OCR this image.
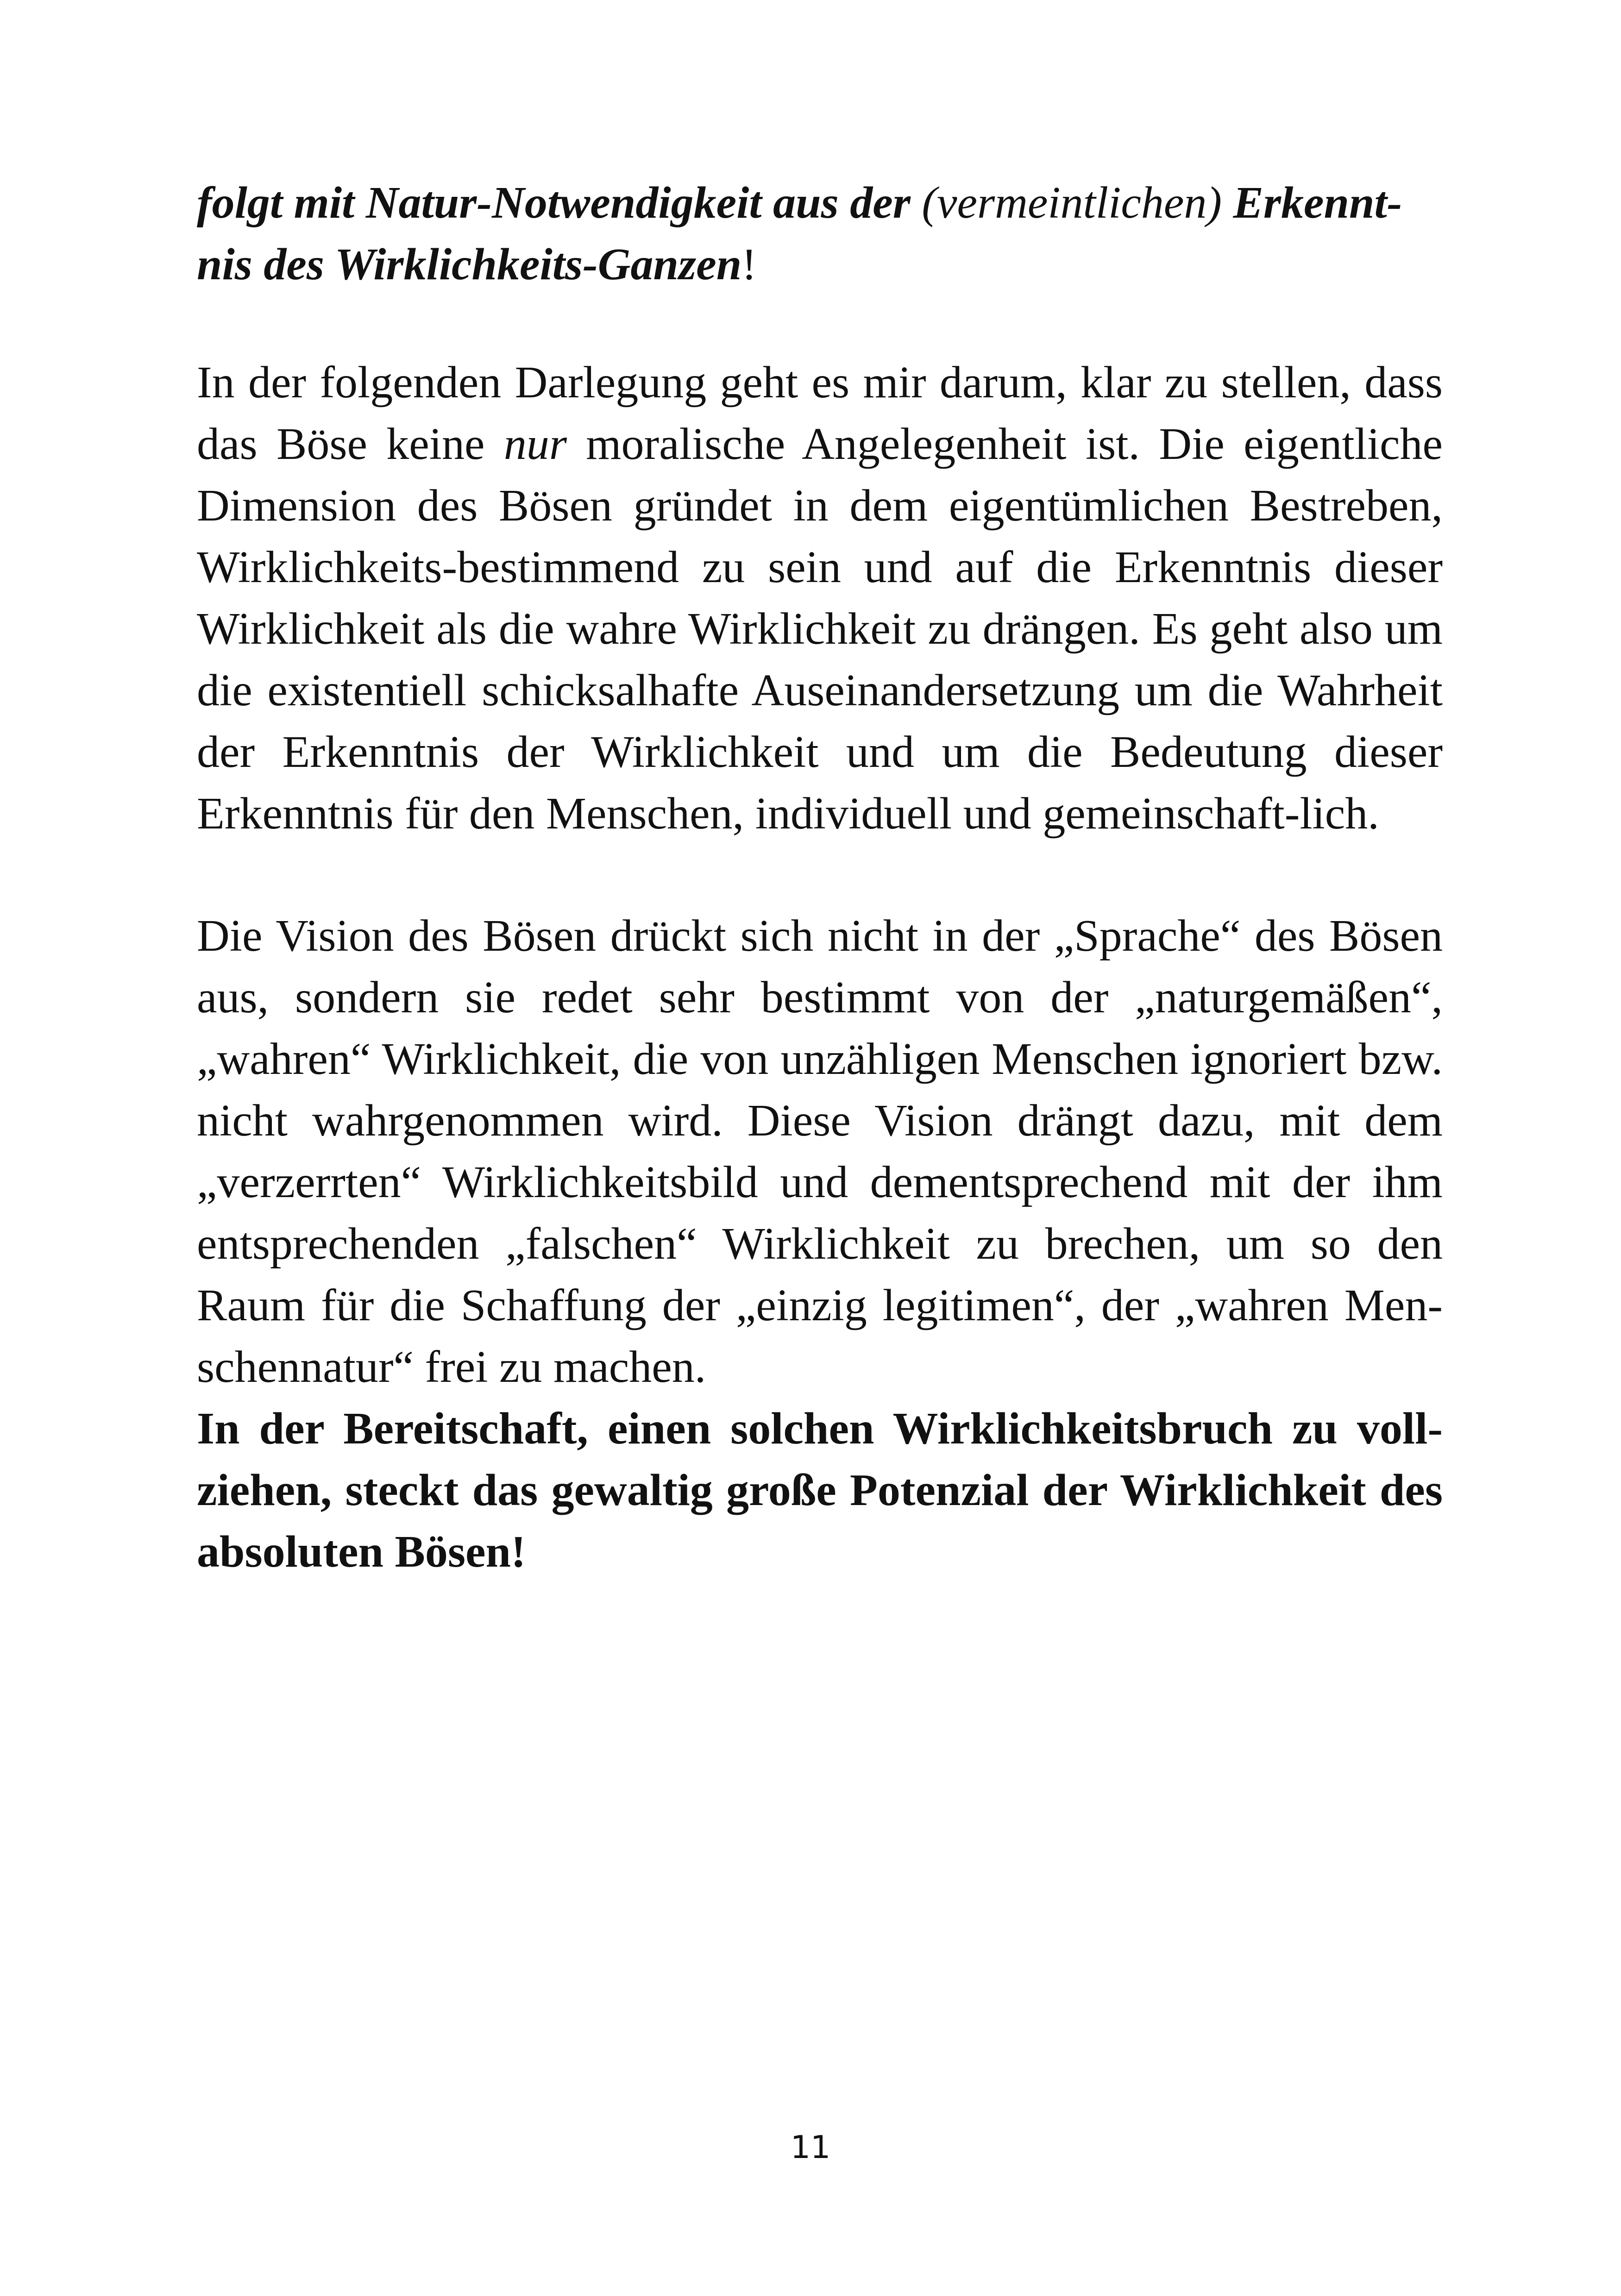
folgt mit Natur-Notwendigkeit aus der (vermeintlichen) Erkennt-
nis des Wirklichkeits-Ganzen!

In der folgenden Darlegung geht es mir darum, klar zu stellen, dass das Böse keine nur moralische Angelegenheit ist. Die eigentliche Dimension des Bösen gründet in dem eigentümlichen Bestreben, Wirklichkeits-bestimmend zu sein und auf die Erkenntnis dieser Wirklichkeit als die wahre Wirklichkeit zu drängen. Es geht also um die existentiell schicksalhafte Auseinandersetzung um die Wahrheit der Erkenntnis der Wirklichkeit und um die Bedeutung dieser Erkenntnis für den Menschen, individuell und gemeinschaft-lich.

Die Vision des Bösen drückt sich nicht in der „Sprache“ des Bösen aus, sondern sie redet sehr bestimmt von der „naturgemäßen“, „wahren“ Wirklichkeit, die von unzähligen Menschen ignoriert bzw. nicht wahrgenommen wird. Diese Vision drängt dazu, mit dem „verzerrten“ Wirklichkeitsbild und dementsprechend mit der ihm entsprechenden „falschen“ Wirklichkeit zu brechen, um so den Raum für die Schaffung der „einzig legitimen“, der „wahren Men-schennatur“ frei zu machen.

In der Bereitschaft, einen solchen Wirklichkeitsbruch zu voll-ziehen, steckt das gewaltig große Potenzial der Wirklichkeit des absoluten Bösen!

11
